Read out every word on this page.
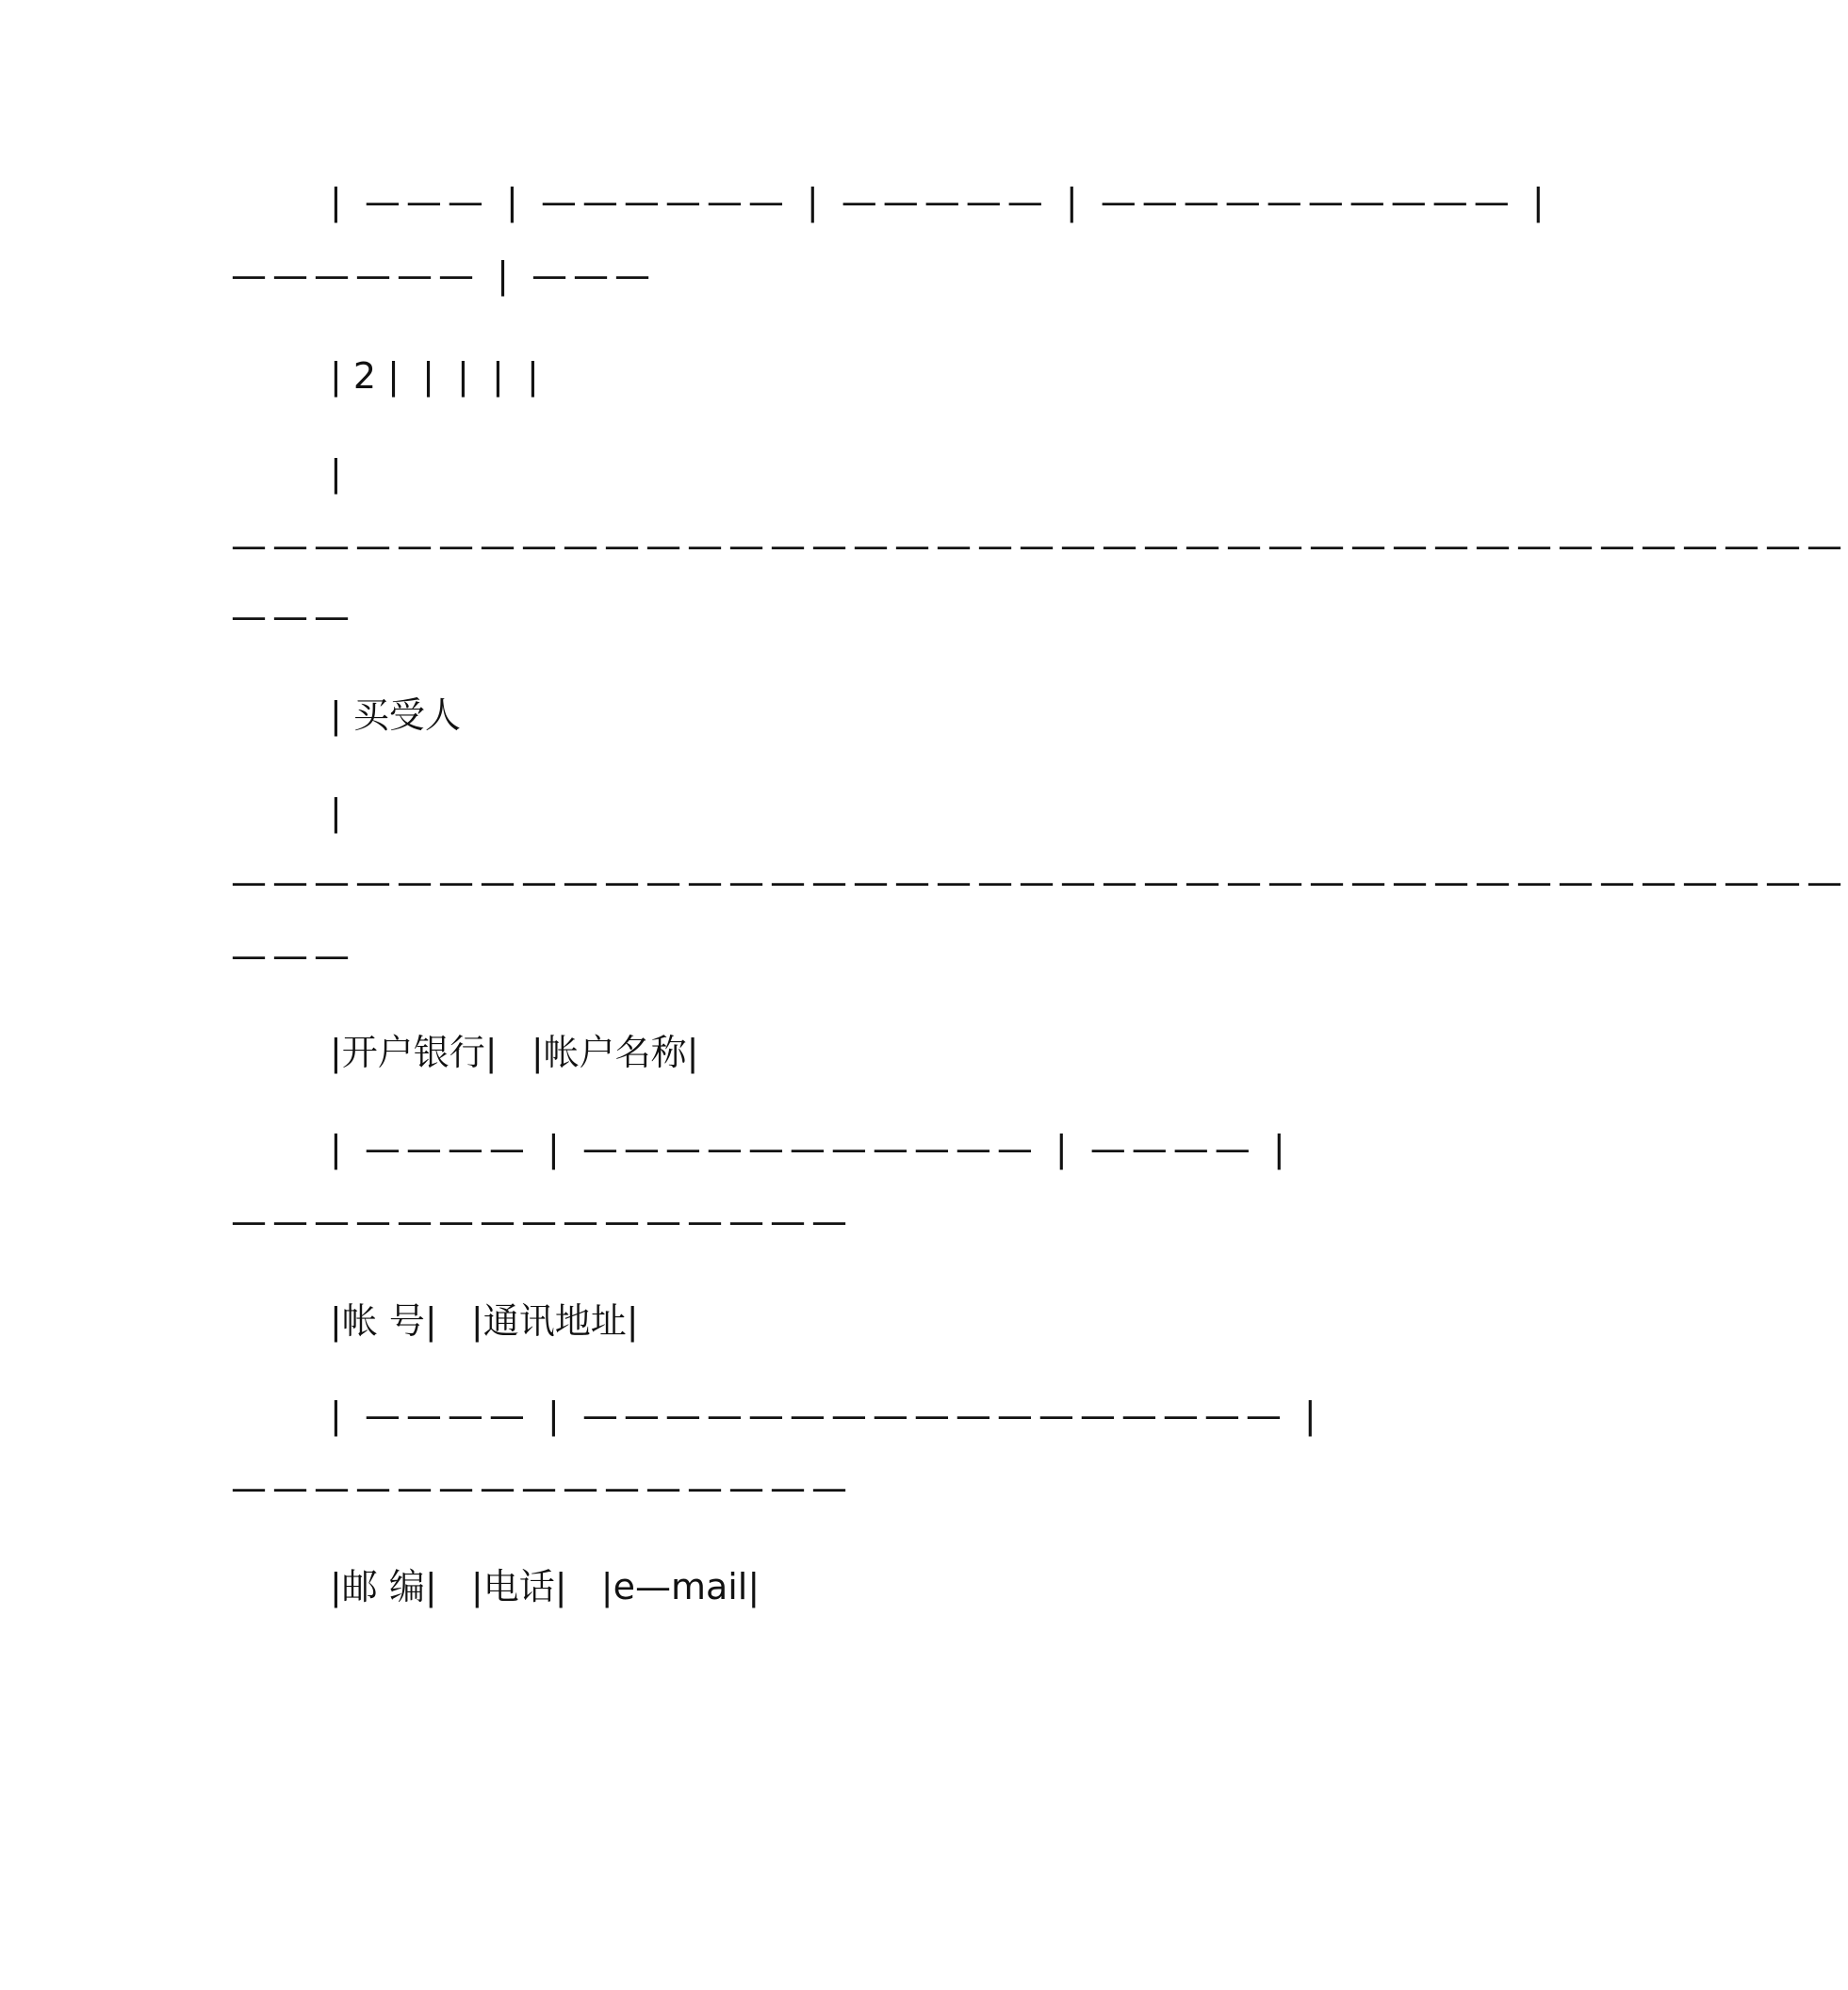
| ——— | —————— | ————— | —————————— |
—————— | ———
| 2 |  |  |  |  |
|
———————————————————————————————————————
———
| 买受人
|
———————————————————————————————————————
———
|开户银行|   |帐户名称|
| ———— | ——————————— | ———— |
———————————————
|帐 号|   |通讯地址|
| ———— | ————————————————— |
———————————————
|邮 编|   |电话|   |e—mail|
